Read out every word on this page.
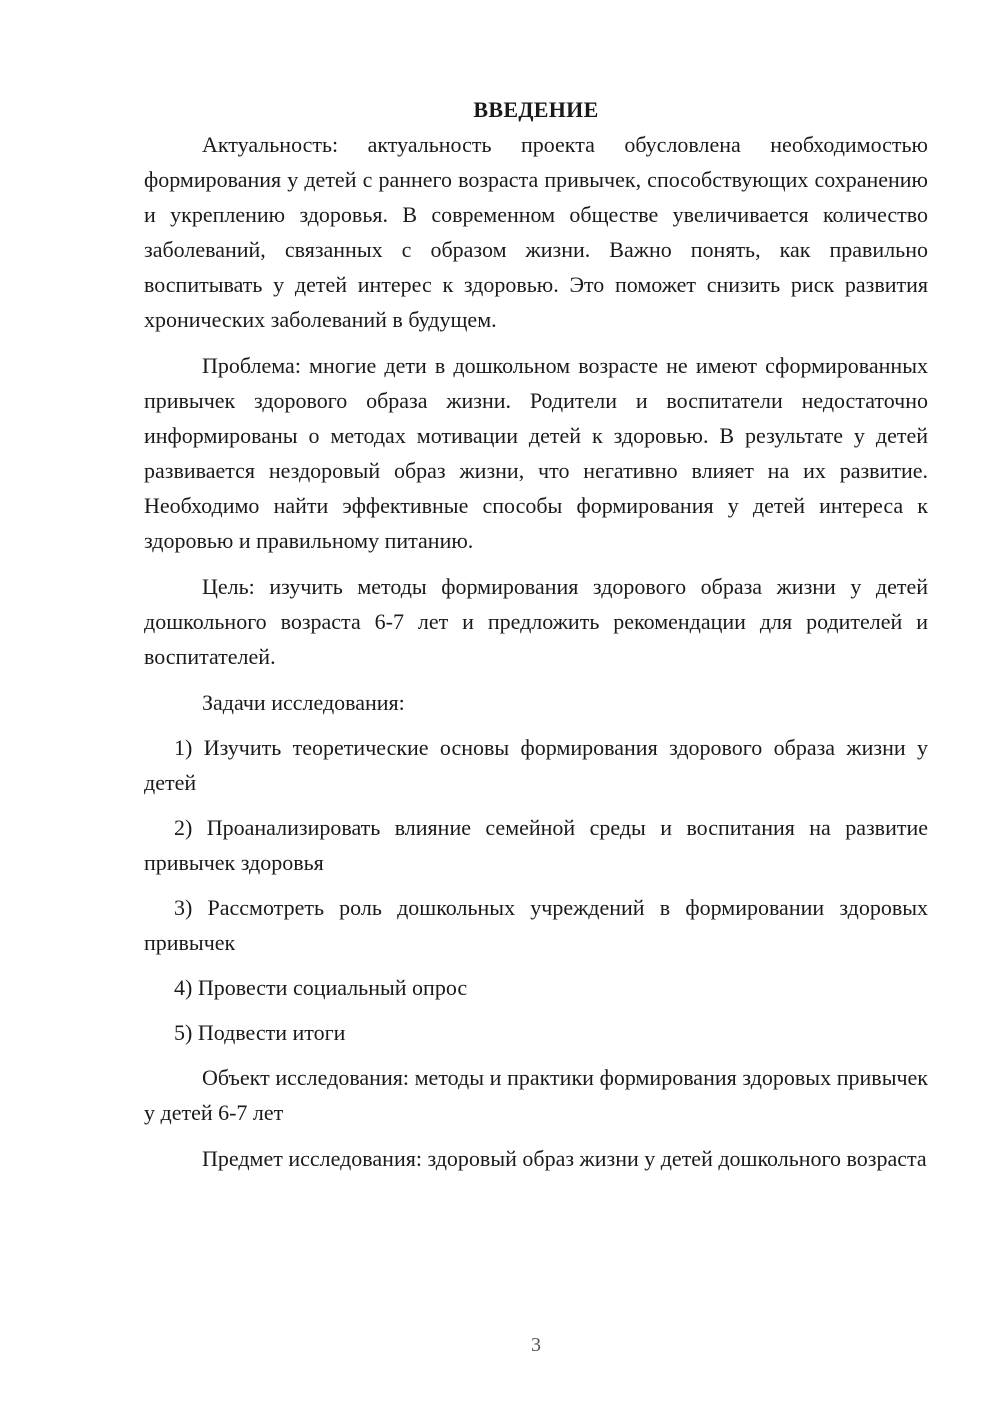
ВВЕДЕНИЕ

Актуальность: актуальность проекта обусловлена необходимостью формирования у детей с раннего возраста привычек, способствующих сохранению и укреплению здоровья. В современном обществе увеличивается количество заболеваний, связанных с образом жизни. Важно понять, как правильно воспитывать у детей интерес к здоровью. Это поможет снизить риск развития хронических заболеваний в будущем.

Проблема: многие дети в дошкольном возрасте не имеют сформированных привычек здорового образа жизни. Родители и воспитатели недостаточно информированы о методах мотивации детей к здоровью. В результате у детей развивается нездоровый образ жизни, что негативно влияет на их развитие. Необходимо найти эффективные способы формирования у детей интереса к здоровью и правильному питанию.

Цель: изучить методы формирования здорового образа жизни у детей дошкольного возраста 6-7 лет и предложить рекомендации для родителей и воспитателей.

Задачи исследования:

1) Изучить теоретические основы формирования здорового образа жизни у детей

2) Проанализировать влияние семейной среды и воспитания на развитие привычек здоровья

3) Рассмотреть роль дошкольных учреждений в формировании здоровых привычек

4) Провести социальный опрос

5) Подвести итоги

Объект исследования: методы и практики формирования здоровых привычек у детей 6-7 лет

Предмет исследования: здоровый образ жизни у детей дошкольного возраста

3
